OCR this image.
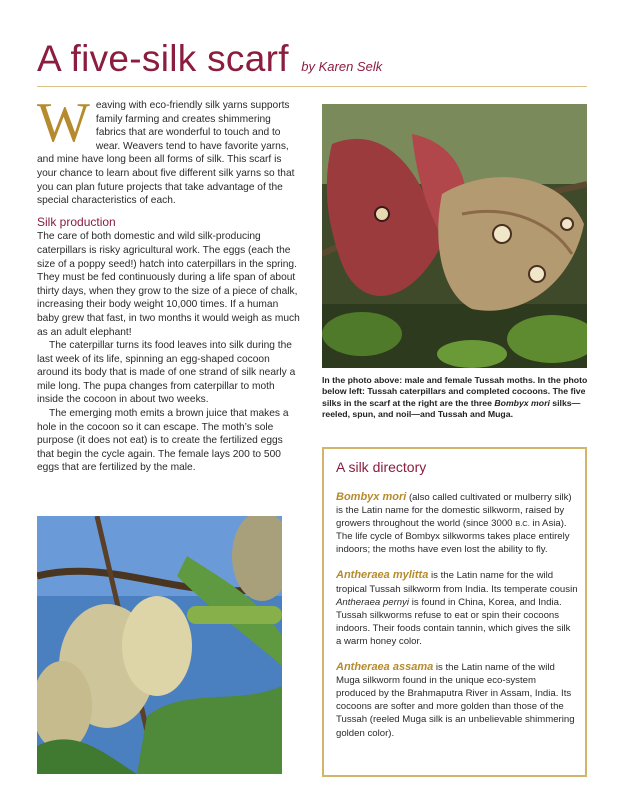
A five-silk scarf by Karen Selk
W eaving with eco-friendly silk yarns supports family farming and creates shimmering fabrics that are wonderful to touch and to wear. Weavers tend to have favorite yarns, and mine have long been all forms of silk. This scarf is your chance to learn about five different silk yarns so that you can plan future projects that take advantage of the special characteristics of each.
Silk production

The care of both domestic and wild silk-producing caterpillars is risky agricultural work. The eggs (each the size of a poppy seed!) hatch into caterpillars in the spring. They must be fed continuously during a life span of about thirty days, when they grow to the size of a piece of chalk, increasing their body weight 10,000 times. If a human baby grew that fast, in two months it would weigh as much as an adult elephant!

The caterpillar turns its food leaves into silk during the last week of its life, spinning an egg-shaped cocoon around its body that is made of one strand of silk nearly a mile long. The pupa changes from caterpillar to moth inside the cocoon in about two weeks.

The emerging moth emits a brown juice that makes a hole in the cocoon so it can escape. The moth’s sole purpose (it does not eat) is to create the fertilized eggs that begin the cycle again. The female lays 200 to 500 eggs that are fertilized by the male.

In the photo above: male and female Tussah moths. In the photo below left: Tussah caterpillars and completed cocoons. The five silks in the scarf at the right are the three Bombyx mori silks—reeled, spun, and noil—and Tussah and Muga.
A silk directory
Bombyx mori (also called cultivated or mulberry silk) is the Latin name for the domestic silkworm, raised by growers throughout the world (since 3000 B.C. in Asia). The life cycle of Bombyx silkworms takes place entirely indoors; the moths have even lost the ability to fly.
Antheraea mylitta is the Latin name for the wild tropical Tussah silkworm from India. Its temperate cousin Antheraea pernyi is found in China, Korea, and India. Tussah silkworms refuse to eat or spin their cocoons indoors. Their foods contain tannin, which gives the silk a warm honey color.
Antheraea assama is the Latin name of the wild Muga silkworm found in the unique eco-system produced by the Brahmaputra River in Assam, India. Its cocoons are softer and more golden than those of the Tussah (reeled Muga silk is an unbelievable shimmering golden color).
